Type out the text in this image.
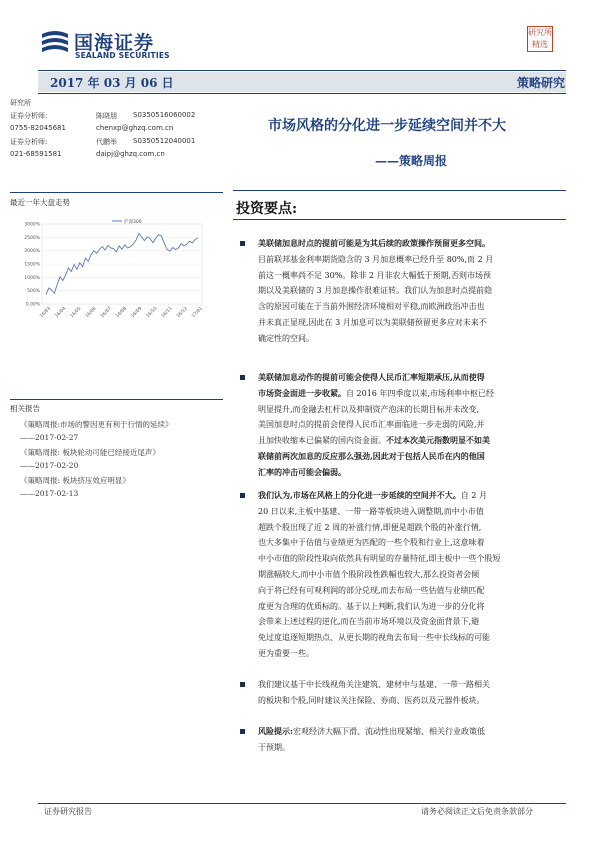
国海证券
SEALAND SECURITIES
研究所
精选
2017 年 03 月 06 日	策略研究
研究所
证券分析师:	陈晓朋 S0350516060002
0755-82045681	chenxp@ghzq.com.cn
证券分析师:	代鹏举 S0350512040001
021-68591581	daipj@ghzq.com.cn
最近一年大盘走势
3000%
2500%
2000%
1500%
1000%
500%
0.00%
16/03 16/04 16/05 16/06 16/07 16/08 16/09 16/10 16/11 16/12 17/01
沪深300
相关报告
《策略周报:市场的警因更有利于行情的延续》
——2017-02-27
《策略周报: 板块轮动可能已经接近尾声》
——2017-02-20
《策略周报: 板块挤压效应明显》
——2017-02-13
市场风格的分化进一步延续空间并不大
——策略周报
投资要点:
美联储加息时点的提前可能是为其后续的政策操作预留更多空间。
目前联邦基金利率期货隐含的 3 月加息概率已经升至 80%,而 2 月
前这一概率尚不足 30%。除非 2 月非农大幅低于预期,否则市场预
期以及美联储的 3 月加息操作很难证转。我们认为加息时点提前隐
含的原因可能在于当前外围经济环境相对平稳,而欧洲政治冲击也
并未真正显现,因此在 3 月加息可以为美联储预留更多应对未来不
确定性的空间。
美联储加息动作的提前可能会使得人民币汇率短期承压,从而使得
市场资金面进一步收紧。自 2016 年四季度以来,市场利率中枢已经
明显提升,而金融去杠杆以及抑制资产泡沫的长期目标并未改变,
美国加息时点的提前会使得人民币汇率面临进一步走弱的风险,并
且加快收缩本已偏紧的国内资金面。不过本次美元指数明显不如美
联储前两次加息的反应那么强劲,因此对于包括人民币在内的他国
汇率的冲击可能会偏弱。
我们认为,市场在风格上的分化进一步延续的空间并不大。自 2 月
20 日以来,主板中基建、一带一路等板块进入调整期,而中小市值
超跌个股出现了近 2 周的补涨行情,即便是超跌个股的补涨行情,
也大多集中于估值与业绩更为匹配的一些个股和行业上,这意味着
中小市值的阶段性取向依然具有明显的存量特征,即主板中一些个股短
期涨幅较大,而中小市值个股阶段性跌幅也较大,那么投资者会倾
向于将已经有可观利润的部分兑现,而去布局一些估值与业绩匹配
度更为合理的优质标的。基于以上判断,我们认为进一步的分化将
会带来上述过程的逆化,而在当前市场环境以及资金面背景下,避
免过度追逐短期热点、从更长期的视角去布局一些中长线标的可能
更为重要一些。
我们建议基于中长线视角关注建筑、建材中与基建、一带一路相关
的板块和个股,同时建议关注保险、券商、医药以及元器件板块。
风险提示:宏观经济大幅下滑、流动性出现紧缩、相关行业政策低
于预期。
证券研究报告	请务必阅读正文后免责条款部分
